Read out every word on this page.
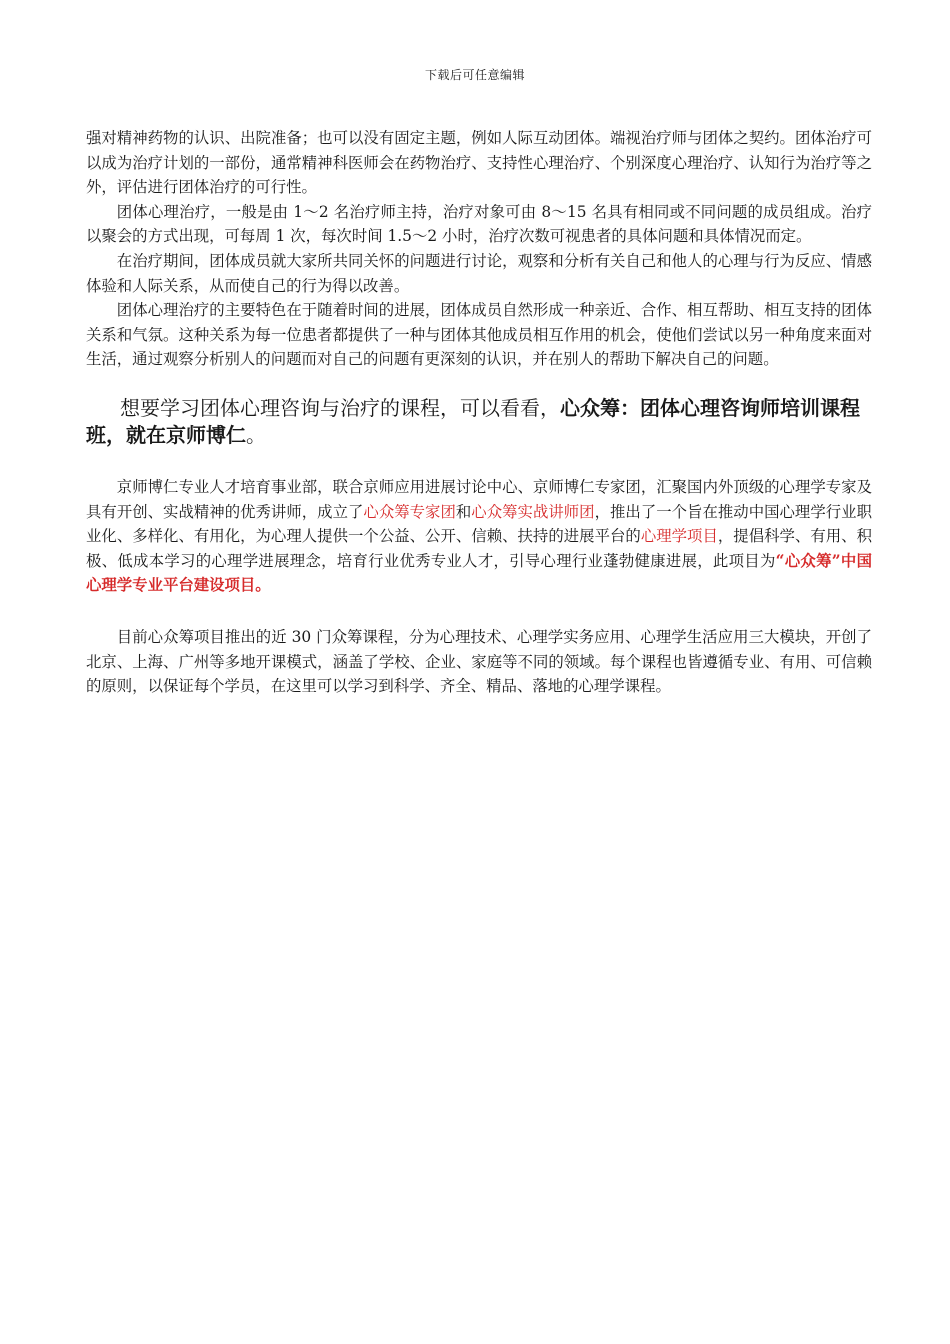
下载后可任意编辑

强对精神药物的认识、出院准备；也可以没有固定主题，例如人际互动团体。端视治疗师与团体之契约。团体治疗可以成为治疗计划的一部份，通常精神科医师会在药物治疗、支持性心理治疗、个别深度心理治疗、认知行为治疗等之外，评估进行团体治疗的可行性。

团体心理治疗，一般是由 1～2 名治疗师主持，治疗对象可由 8～15 名具有相同或不同问题的成员组成。治疗以聚会的方式出现，可每周 1 次，每次时间 1.5～2 小时，治疗次数可视患者的具体问题和具体情况而定。

在治疗期间，团体成员就大家所共同关怀的问题进行讨论，观察和分析有关自己和他人的心理与行为反应、情感体验和人际关系，从而使自己的行为得以改善。

团体心理治疗的主要特色在于随着时间的进展，团体成员自然形成一种亲近、合作、相互帮助、相互支持的团体关系和气氛。这种关系为每一位患者都提供了一种与团体其他成员相互作用的机会，使他们尝试以另一种角度来面对生活，通过观察分析别人的问题而对自己的问题有更深刻的认识，并在别人的帮助下解决自己的问题。

想要学习团体心理咨询与治疗的课程，可以看看，心众筹：团体心理咨询师培训课程班，就在京师博仁。

京师博仁专业人才培育事业部，联合京师应用进展讨论中心、京师博仁专家团，汇聚国内外顶级的心理学专家及具有开创、实战精神的优秀讲师，成立了心众筹专家团和心众筹实战讲师团，推出了一个旨在推动中国心理学行业职业化、多样化、有用化，为心理人提供一个公益、公开、信赖、扶持的进展平台的心理学项目，提倡科学、有用、积极、低成本学习的心理学进展理念，培育行业优秀专业人才，引导心理行业蓬勃健康进展，此项目为“心众筹”中国心理学专业平台建设项目。

目前心众筹项目推出的近 30 门众筹课程，分为心理技术、心理学实务应用、心理学生活应用三大模块，开创了北京、上海、广州等多地开课模式，涵盖了学校、企业、家庭等不同的领域。每个课程也皆遵循专业、有用、可信赖的原则，以保证每个学员，在这里可以学习到科学、齐全、精品、落地的心理学课程。
